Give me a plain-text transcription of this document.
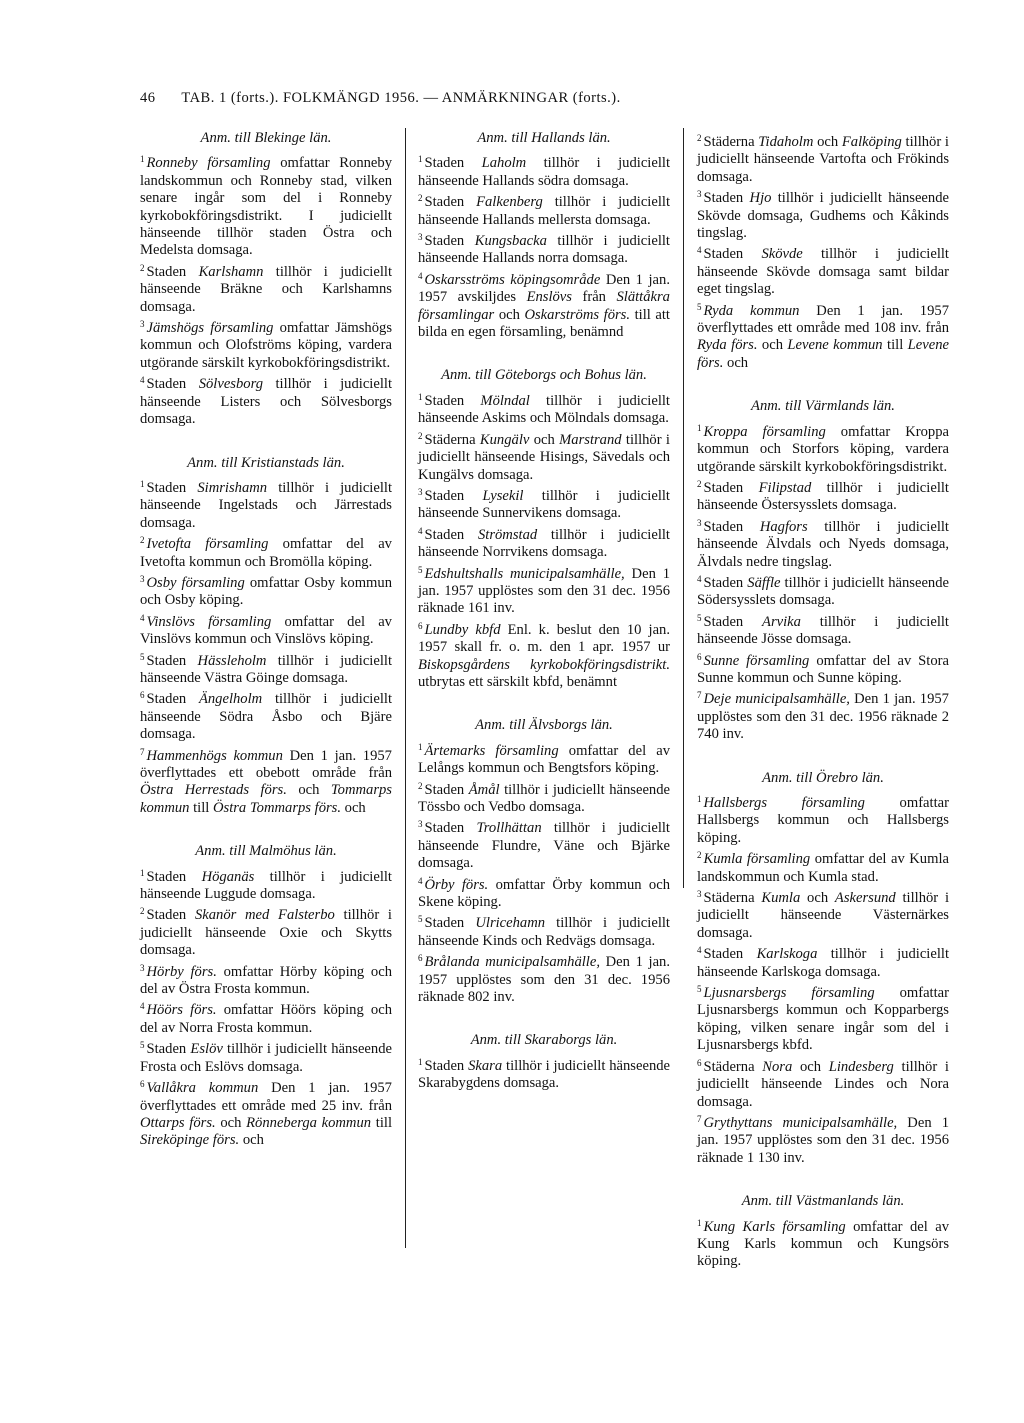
46 TAB. 1 (forts.). FOLKMÄNGD 1956. — ANMÄRKNINGAR (forts.).

Anm. till Blekinge län.

$^1$ Ronneby församling omfattar Ronneby landskommun och Ronneby stad, vilken senare ingår som del i Ronneby kyrkobokföringsdistrikt. I judiciellt hänseende tillhör staden Östra och Medelsta domsaga.

$^2$ Staden Karlshamn tillhör i judiciellt hänseende Bräkne och Karlshamns domsaga.

$^3$ Jämshögs församling omfattar Jämshögs kommun och Olofströms köping, vardera utgörande särskilt kyrkobokföringsdistrikt.

$^4$ Staden Sölvesborg tillhör i judiciellt hänseende Listers och Sölvesborgs domsaga.

Anm. till Kristianstads län.

$^1$ Staden Simrishamn tillhör i judiciellt hänseende Ingelstads och Järrestads domsaga.

$^2$ Ivetofta församling omfattar del av Ivetofta kommun och Bromölla köping.

$^3$ Osby församling omfattar Osby kommun och Osby köping.

$^4$ Vinslövs församling omfattar del av Vinslövs kommun och Vinslövs köping.

$^5$ Staden Hässleholm tillhör i judiciellt hänseende Västra Göinge domsaga.

$^6$ Staden Ängelholm tillhör i judiciellt hänseende Södra Åsbo och Bjäre domsaga.

$^7$ Hammenhögs kommun Den 1 jan. 1957 överflyttades ett obebott område från Östra Herrestads förs. och Tommarps kommun till Östra Tommarps förs. och

Anm. till Malmöhus län.

$^1$ Staden Höganäs tillhör i judiciellt hänseende Luggude domsaga.

$^2$ Staden Skanör med Falsterbo tillhör i judiciellt hänseende Oxie och Skytts domsaga.

$^3$ Hörby förs. omfattar Hörby köping och del av Östra Frosta kommun.

$^4$ Höörs förs. omfattar Höörs köping och del av Norra Frosta kommun.

$^5$ Staden Eslöv tillhör i judiciellt hänseende Frosta och Eslövs domsaga.

$^6$ Vallåkra kommun Den 1 jan. 1957 överflyttades ett område med 25 inv. från Ottarps förs. och Rönneberga kommun till Sireköpinge förs. och

Anm. till Hallands län.

$^1$ Staden Laholm tillhör i judiciellt hänseende Hallands södra domsaga.

$^2$ Staden Falkenberg tillhör i judiciellt hänseende Hallands mellersta domsaga.

$^3$ Staden Kungsbacka tillhör i judiciellt hänseende Hallands norra domsaga.

$^4$ Oskarsströms köpingsområde Den 1 jan. 1957 avskiljdes Enslövs från Slättåkra församlingar och Oskarströms förs. till att bilda en egen församling, benämnd

Anm. till Göteborgs och Bohus län.

$^1$ Staden Mölndal tillhör i judiciellt hänseende Askims och Mölndals domsaga.

$^2$ Städerna Kungälv och Marstrand tillhör i judiciellt hänseende Hisings, Sävedals och Kungälvs domsaga.

$^3$ Staden Lysekil tillhör i judiciellt hänseende Sunnervikens domsaga.

$^4$ Staden Strömstad tillhör i judiciellt hänseende Norrvikens domsaga.

$^5$ Edshultshalls municipalsamhälle, Den 1 jan. 1957 upplöstes som den 31 dec. 1956 räknade 161 inv.

$^6$ Lundby kbfd Enl. k. beslut den 10 jan. 1957 skall fr. o. m. den 1 apr. 1957 ur Biskopsgårdens kyrkobokföringsdistrikt. utbrytas ett särskilt kbfd, benämnt

Anm. till Älvsborgs län.

$^1$ Ärtemarks församling omfattar del av Lelångs kommun och Bengtsfors köping.

$^2$ Staden Åmål tillhör i judiciellt hänseende Tössbo och Vedbo domsaga.

$^3$ Staden Trollhättan tillhör i judiciellt hänseende Flundre, Väne och Bjärke domsaga.

$^4$ Örby förs. omfattar Örby kommun och Skene köping.

$^5$ Staden Ulricehamn tillhör i judiciellt hänseende Kinds och Redvägs domsaga.

$^6$ Brålanda municipalsamhälle, Den 1 jan. 1957 upplöstes som den 31 dec. 1956 räknade 802 inv.

Anm. till Skaraborgs län.

$^1$ Staden Skara tillhör i judiciellt hänseende Skarabygdens domsaga.

$^2$ Städerna Tidaholm och Falköping tillhör i judiciellt hänseende Vartofta och Frökinds domsaga.

$^3$ Staden Hjo tillhör i judiciellt hänseende Skövde domsaga, Gudhems och Kåkinds tingslag.

$^4$ Staden Skövde tillhör i judiciellt hänseende Skövde domsaga samt bildar eget tingslag.

$^5$ Ryda kommun Den 1 jan. 1957 överflyttades ett område med 108 inv. från Ryda förs. och Levene kommun till Levene förs. och

Anm. till Värmlands län.

$^1$ Kroppa församling omfattar Kroppa kommun och Storfors köping, vardera utgörande särskilt kyrkobokföringsdistrikt.

$^2$ Staden Filipstad tillhör i judiciellt hänseende Östersysslets domsaga.

$^3$ Staden Hagfors tillhör i judiciellt hänseende Älvdals och Nyeds domsaga, Älvdals nedre tingslag.

$^4$ Staden Säffle tillhör i judiciellt hänseende Södersysslets domsaga.

$^5$ Staden Arvika tillhör i judiciellt hänseende Jösse domsaga.

$^6$ Sunne församling omfattar del av Stora Sunne kommun och Sunne köping.

$^7$ Deje municipalsamhälle, Den 1 jan. 1957 upplöstes som den 31 dec. 1956 räknade 2 740 inv.

Anm. till Örebro län.

$^1$ Hallsbergs församling omfattar Hallsbergs kommun och Hallsbergs köping.

$^2$ Kumla församling omfattar del av Kumla landskommun och Kumla stad.

$^3$ Städerna Kumla och Askersund tillhör i judiciellt hänseende Västernärkes domsaga.

$^4$ Staden Karlskoga tillhör i judiciellt hänseende Karlskoga domsaga.

$^5$ Ljusnarsbergs församling omfattar Ljusnarsbergs kommun och Kopparbergs köping, vilken senare ingår som del i Ljusnarsbergs kbfd.

$^6$ Städerna Nora och Lindesberg tillhör i judiciellt hänseende Lindes och Nora domsaga.

$^7$ Grythyttans municipalsamhälle, Den 1 jan. 1957 upplöstes som den 31 dec. 1956 räknade 1 130 inv.

Anm. till Västmanlands län.

$^1$ Kung Karls församling omfattar del av Kung Karls kommun och Kungsörs köping.
